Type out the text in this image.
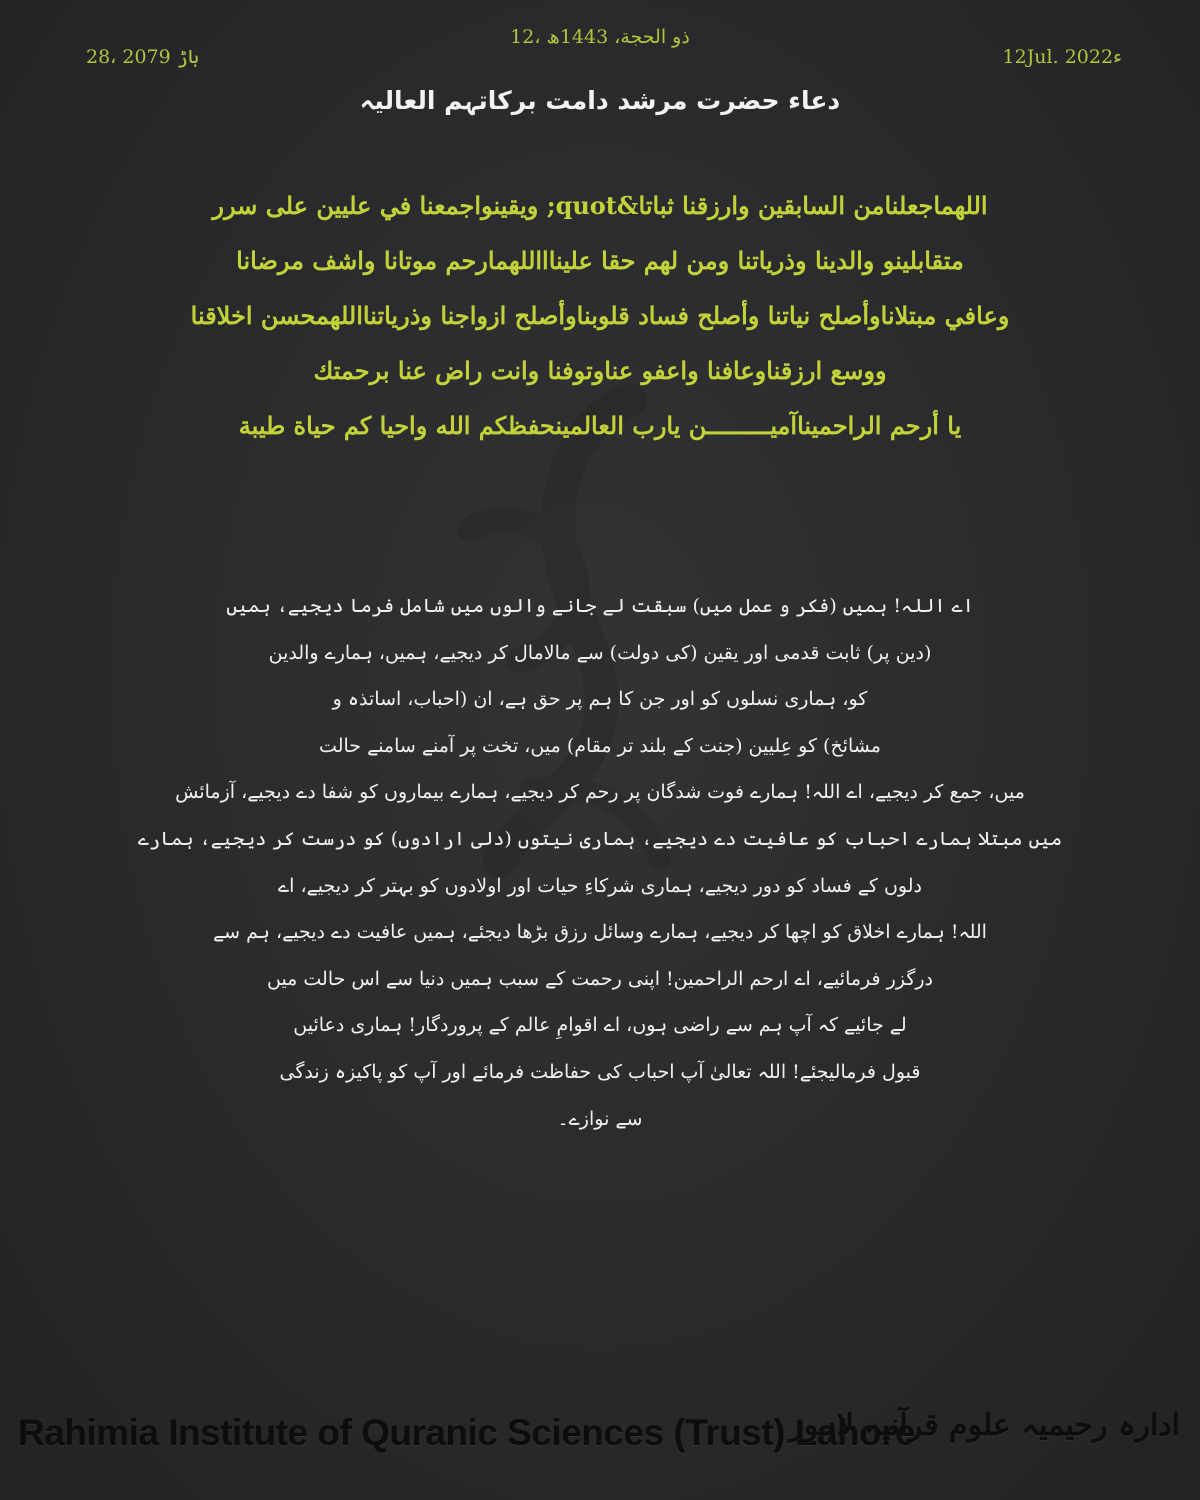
12، ذو الحجة، 1443ھ
28، ہاڑ 2079	12Jul. 2022ء
دعاء حضرت مرشد دامت برکاتہم العالیہ
اللهماجعلنامن السابقين وارزقنا ثباتا&quot; ويقينواجمعنا في عليين على سرر
متقابلينو والدينا وذرياتنا ومن لهم حقا عليناااللهمارحم موتانا واشف مرضانا
وعافي مبتلاناوأصلح نياتنا وأصلح فساد قلوبناوأصلح ازواجنا وذرياتنااللهمحسن اخلاقنا
ووسع ارزقناوعافنا واعفو عناوتوفنا وانت راض عنا برحمتك
يا أرحم الراحميناآميـــــــــن يارب العالمينحفظكم الله واحيا كم حياة طيبة
اے اللہ! ہمیں (فکر و عمل میں) سبقت لے جانے والوں میں شامل فرما دیجیے، ہمیں
(دین پر) ثابت قدمی اور یقین (کی دولت) سے مالامال کر دیجیے، ہمیں، ہمارے والدین
کو، ہماری نسلوں کو اور جن کا ہم پر حق ہے، ان (احباب، اساتذہ و
مشائخ) کو عِلیین (جنت کے بلند تر مقام) میں، تخت پر آمنے سامنے حالت
میں، جمع کر دیجیے، اے اللہ! ہمارے فوت شدگان پر رحم کر دیجیے، ہمارے بیماروں کو شفا دے دیجیے، آزمائش
میں مبتلا ہمارے احباب کو عافیت دے دیجیے، ہماری نیتوں (دلی ارادوں) کو درست کر دیجیے، ہمارے
دلوں کے فساد کو دور دیجیے، ہماری شرکاءِ حیات اور اولادوں کو بہتر کر دیجیے، اے
اللہ! ہمارے اخلاق کو اچھا کر دیجیے، ہمارے وسائل رزق بڑھا دیجئے، ہمیں عافیت دے دیجیے، ہم سے
درگزر فرمائیے، اے ارحم الراحمین! اپنی رحمت کے سبب ہمیں دنیا سے اس حالت میں
لے جائیے کہ آپ ہم سے راضی ہوں، اے اقوامِ عالم کے پروردگار! ہماری دعائیں
قبول فرمالیجئے! اللہ تعالیٰ آپ احباب کی حفاظت فرمائے اور آپ کو پاکیزہ زندگی
سے نوازے۔
Rahimia Institute of Quranic Sciences (Trust) Lahore
ادارہ رحیمیہ علوم قرآنیہ لاہور
